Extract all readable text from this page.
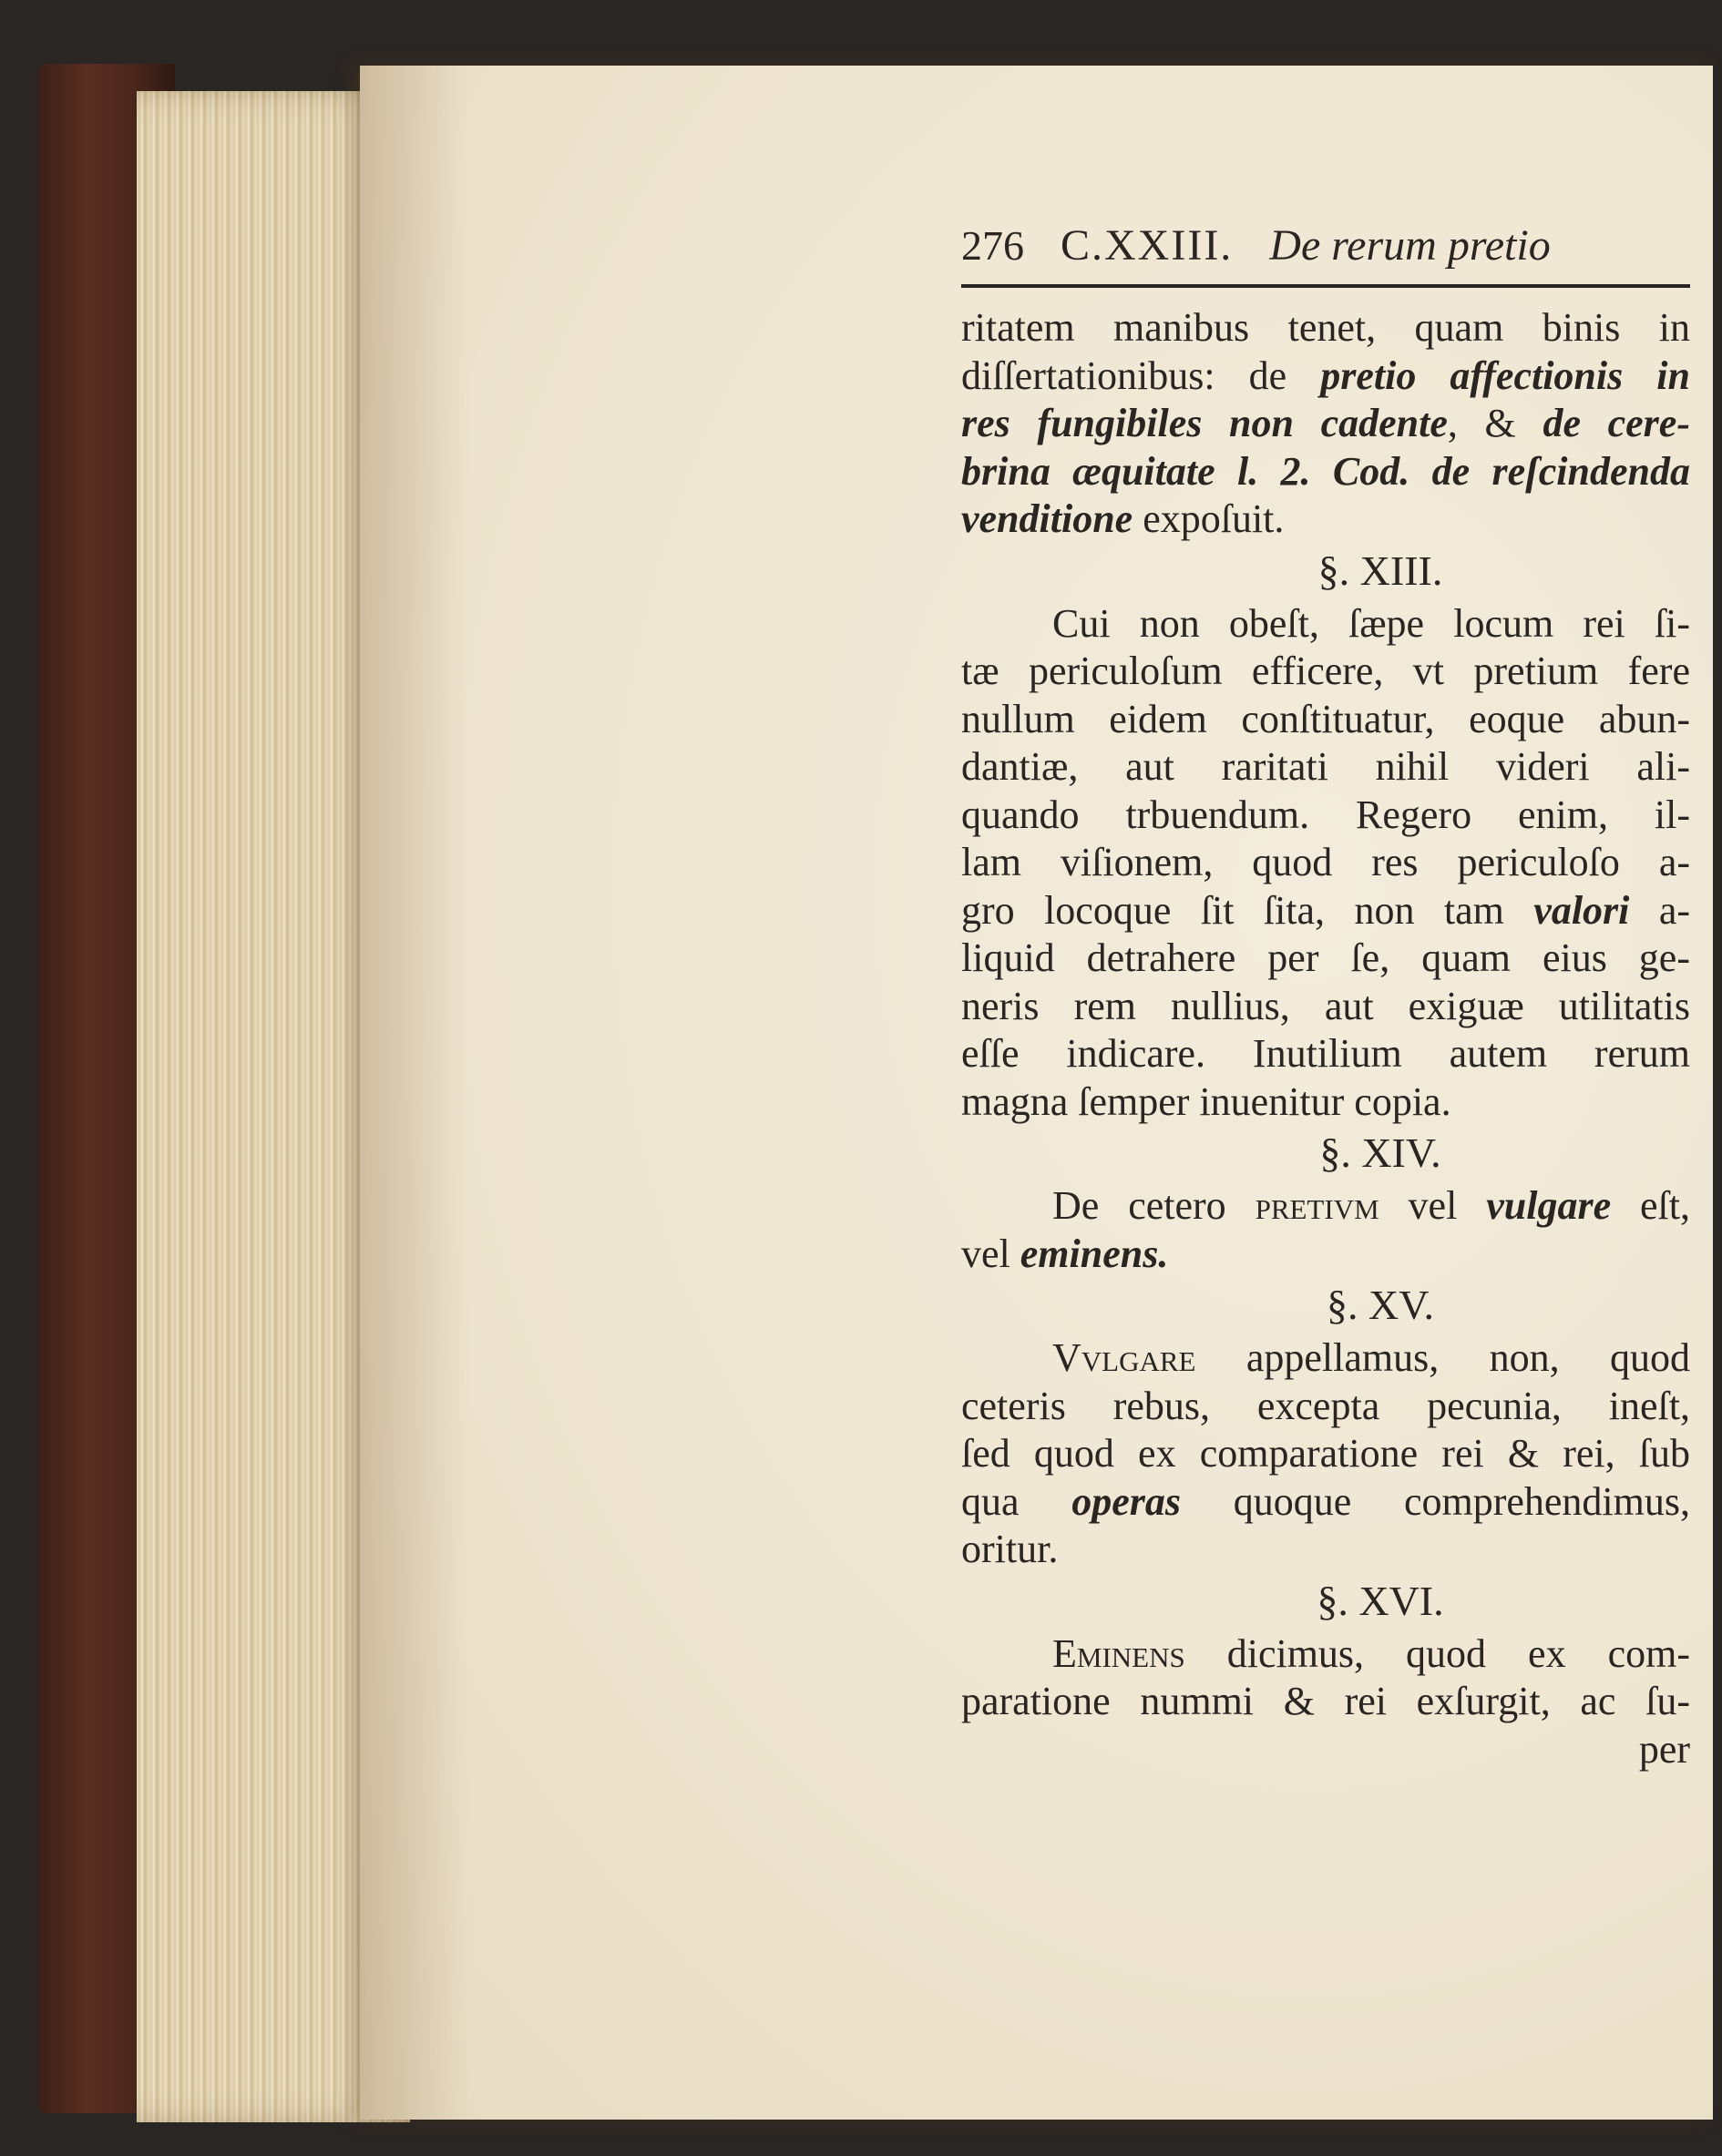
276 C.XXIII. De rerum pretio
ritatem manibus tenet, quam binis in
diſſertationibus: de pretio affectionis in
res fungibiles non cadente, & de cere-
brina æquitate l. 2. Cod. de reſcindenda
venditione expoſuit.
§. XIII.
Cui non obeſt, ſæpe locum rei ſi-
tæ periculoſum efficere, vt pretium fere
nullum eidem conſtituatur, eoque abun-
dantiæ, aut raritati nihil videri ali-
quando trbuendum. Regero enim, il-
lam viſionem, quod res periculoſo a-
gro locoque ſit ſita, non tam valori a-
liquid detrahere per ſe, quam eius ge-
neris rem nullius, aut exiguæ utilitatis
eſſe indicare. Inutilium autem rerum
magna ſemper inuenitur copia.
§. XIV.
De cetero pretivm vel vulgare eſt,
vel eminens.
§. XV.
Vvlgare appellamus, non, quod
ceteris rebus, excepta pecunia, ineſt,
ſed quod ex comparatione rei & rei, ſub
qua operas quoque comprehendimus,
oritur.
§. XVI.
Eminens dicimus, quod ex com-
paratione nummi & rei exſurgit, ac ſu-
per
